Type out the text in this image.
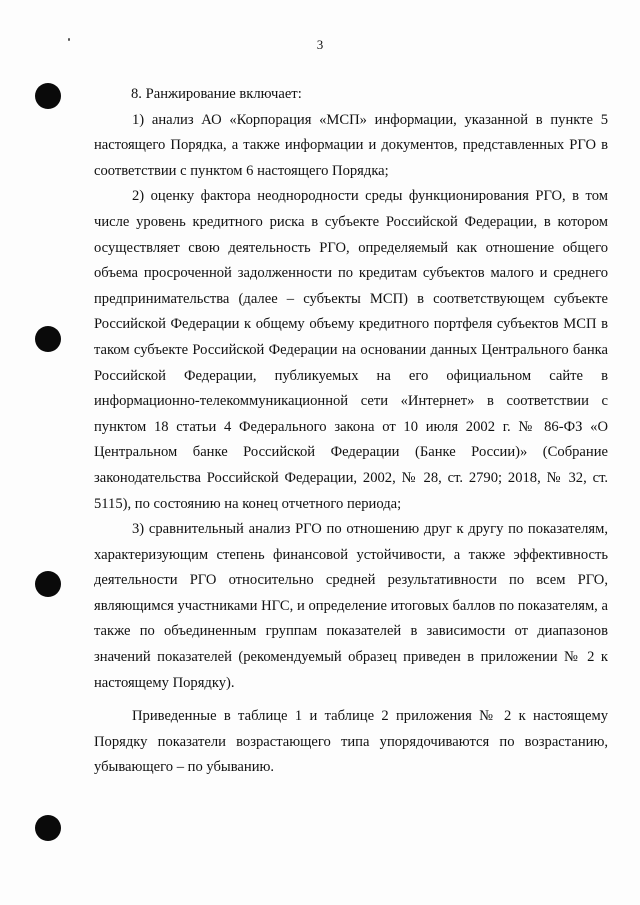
3

8. Ранжирование включает:

1) анализ АО «Корпорация «МСП» информации, указанной в пункте 5 настоящего Порядка, а также информации и документов, представленных РГО в соответствии с пунктом 6 настоящего Порядка;

2) оценку фактора неоднородности среды функционирования РГО, в том числе уровень кредитного риска в субъекте Российской Федерации, в котором осуществляет свою деятельность РГО, определяемый как отношение общего объема просроченной задолженности по кредитам субъектов малого и среднего предпринимательства (далее – субъекты МСП) в соответствующем субъекте Российской Федерации к общему объему кредитного портфеля субъектов МСП в таком субъекте Российской Федерации на основании данных Центрального банка Российской Федерации, публикуемых на его официальном сайте в информационно-телекоммуникационной сети «Интернет» в соответствии с пунктом 18 статьи 4 Федерального закона от 10 июля 2002 г. № 86-ФЗ «О Центральном банке Российской Федерации (Банке России)» (Собрание законодательства Российской Федерации, 2002, № 28, ст. 2790; 2018, № 32, ст. 5115), по состоянию на конец отчетного периода;

3) сравнительный анализ РГО по отношению друг к другу по показателям, характеризующим степень финансовой устойчивости, а также эффективность деятельности РГО относительно средней результативности по всем РГО, являющимся участниками НГС, и определение итоговых баллов по показателям, а также по объединенным группам показателей в зависимости от диапазонов значений показателей (рекомендуемый образец приведен в приложении № 2 к настоящему Порядку).

Приведенные в таблице 1 и таблице 2 приложения № 2 к настоящему Порядку показатели возрастающего типа упорядочиваются по возрастанию, убывающего – по убыванию.
